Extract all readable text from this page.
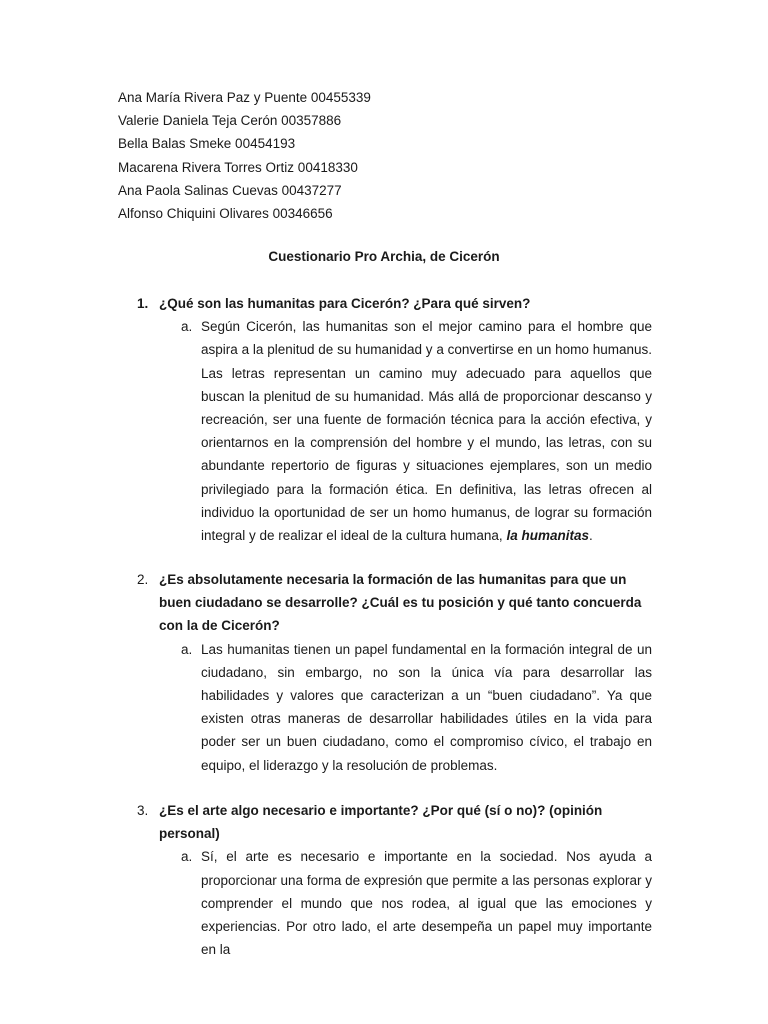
Ana María Rivera Paz y Puente 00455339
Valerie Daniela Teja Cerón 00357886
Bella Balas Smeke 00454193
Macarena Rivera Torres Ortiz 00418330
Ana Paola Salinas Cuevas 00437277
Alfonso Chiquini Olivares 00346656
Cuestionario Pro Archia, de Cicerón
1. ¿Qué son las humanitas para Cicerón? ¿Para qué sirven?
a. Según Cicerón, las humanitas son el mejor camino para el hombre que aspira a la plenitud de su humanidad y a convertirse en un homo humanus. Las letras representan un camino muy adecuado para aquellos que buscan la plenitud de su humanidad. Más allá de proporcionar descanso y recreación, ser una fuente de formación técnica para la acción efectiva, y orientarnos en la comprensión del hombre y el mundo, las letras, con su abundante repertorio de figuras y situaciones ejemplares, son un medio privilegiado para la formación ética. En definitiva, las letras ofrecen al individuo la oportunidad de ser un homo humanus, de lograr su formación integral y de realizar el ideal de la cultura humana, la humanitas.
2. ¿Es absolutamente necesaria la formación de las humanitas para que un buen ciudadano se desarrolle? ¿Cuál es tu posición y qué tanto concuerda con la de Cicerón?
a. Las humanitas tienen un papel fundamental en la formación integral de un ciudadano, sin embargo, no son la única vía para desarrollar las habilidades y valores que caracterizan a un “buen ciudadano”. Ya que existen otras maneras de desarrollar habilidades útiles en la vida para poder ser un buen ciudadano, como el compromiso cívico, el trabajo en equipo, el liderazgo y la resolución de problemas.
3. ¿Es el arte algo necesario e importante? ¿Por qué (sí o no)? (opinión personal)
a. Sí, el arte es necesario e importante en la sociedad. Nos ayuda a proporcionar una forma de expresión que permite a las personas explorar y comprender el mundo que nos rodea, al igual que las emociones y experiencias. Por otro lado, el arte desempeña un papel muy importante en la
